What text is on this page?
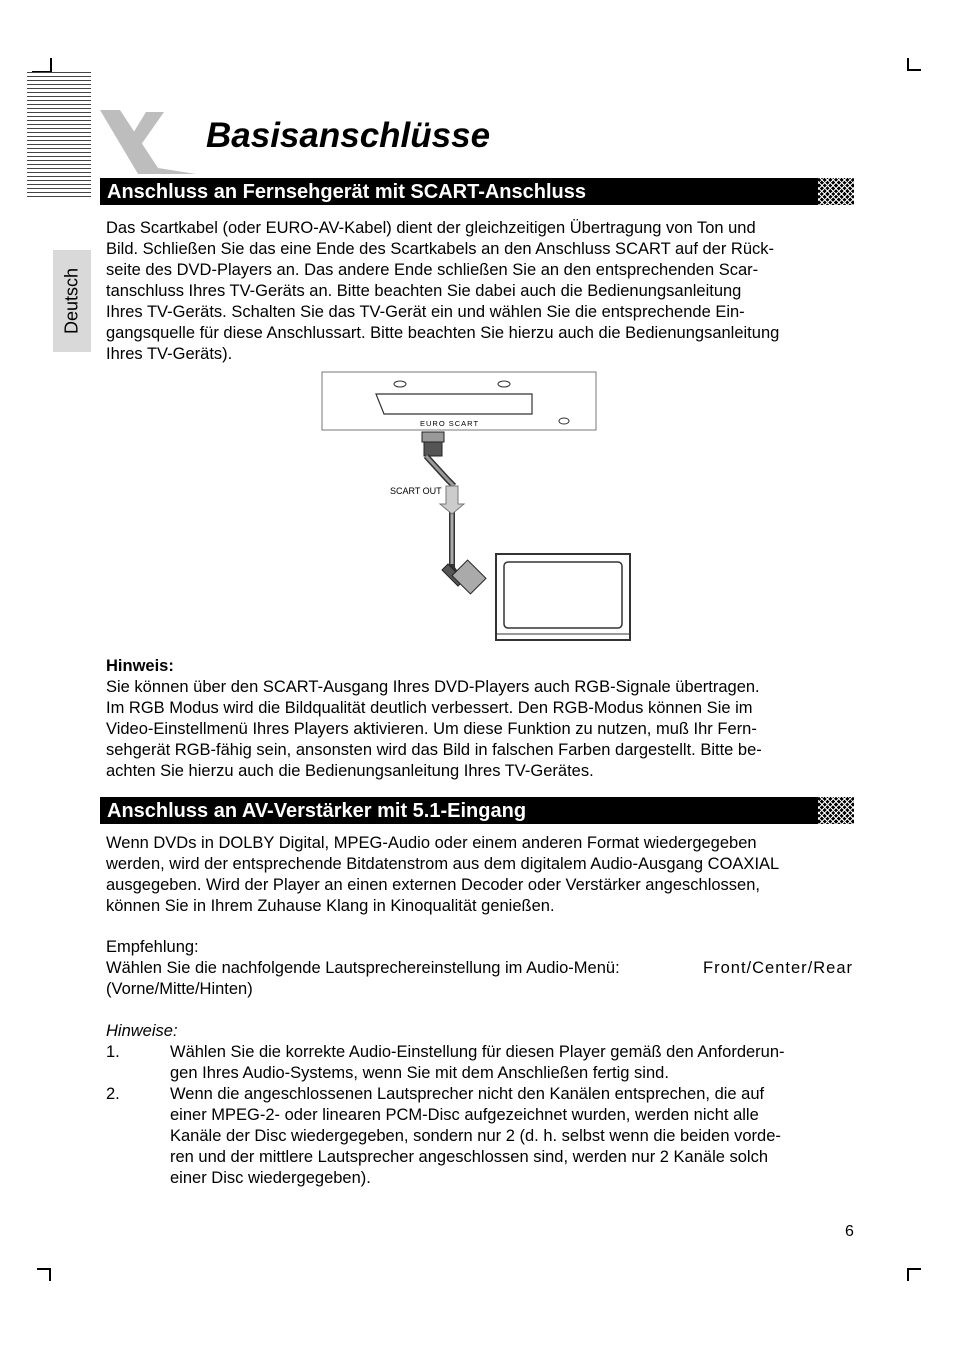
Deutsch
Basisanschlüsse
Anschluss an Fernsehgerät mit SCART-Anschluss

Das Scartkabel (oder EURO-AV-Kabel) dient der gleichzeitigen Übertragung von Ton und

Bild. Schließen Sie das eine Ende des Scartkabels an den Anschluss SCART auf der Rück-

seite des DVD-Players an. Das andere Ende schließen Sie an den entsprechenden Scar-

tanschluss Ihres TV-Geräts an. Bitte beachten Sie dabei auch die Bedienungsanleitung

Ihres TV-Geräts. Schalten Sie das TV-Gerät ein und wählen Sie die entsprechende Ein-

gangsquelle für diese Anschlussart. Bitte beachten Sie hierzu auch die Bedienungsanleitung

Ihres TV-Geräts).

EURO SCART
SCART OUT

Hinweis:

Sie können über den SCART-Ausgang Ihres DVD-Players auch RGB-Signale übertragen.

Im RGB Modus wird die Bildqualität deutlich verbessert. Den RGB-Modus können Sie im

Video-Einstellmenü Ihres Players aktivieren. Um diese Funktion zu nutzen, muß Ihr Fern-

sehgerät RGB-fähig sein, ansonsten wird das Bild in falschen Farben dargestellt. Bitte be-

achten Sie hierzu auch die Bedienungsanleitung Ihres TV-Gerätes.

Anschluss an AV-Verstärker mit 5.1-Eingang

Wenn DVDs in DOLBY Digital, MPEG-Audio oder einem anderen Format wiedergegeben

werden, wird der entsprechende Bitdatenstrom aus dem digitalem Audio-Ausgang COAXIAL

ausgegeben. Wird der Player an einen externen Decoder oder Verstärker angeschlossen,

können Sie in Ihrem Zuhause Klang in Kinoqualität genießen.

Empfehlung:

Wählen Sie die nachfolgende Lautsprechereinstellung im Audio-Menü:	Front/Center/Rear

(Vorne/Mitte/Hinten)

Hinweise:

1.	Wählen Sie die korrekte Audio-Einstellung für diesen Player gemäß den Anforderun-
gen Ihres Audio-Systems, wenn Sie mit dem Anschließen fertig sind.
2.	Wenn die angeschlossenen Lautsprecher nicht den Kanälen entsprechen, die auf
einer MPEG-2- oder linearen PCM-Disc aufgezeichnet wurden, werden nicht alle
Kanäle der Disc wiedergegeben, sondern nur 2 (d. h. selbst wenn die beiden vorde-
ren und der mittlere Lautsprecher angeschlossen sind, werden nur 2 Kanäle solch
einer Disc wiedergegeben).
6
